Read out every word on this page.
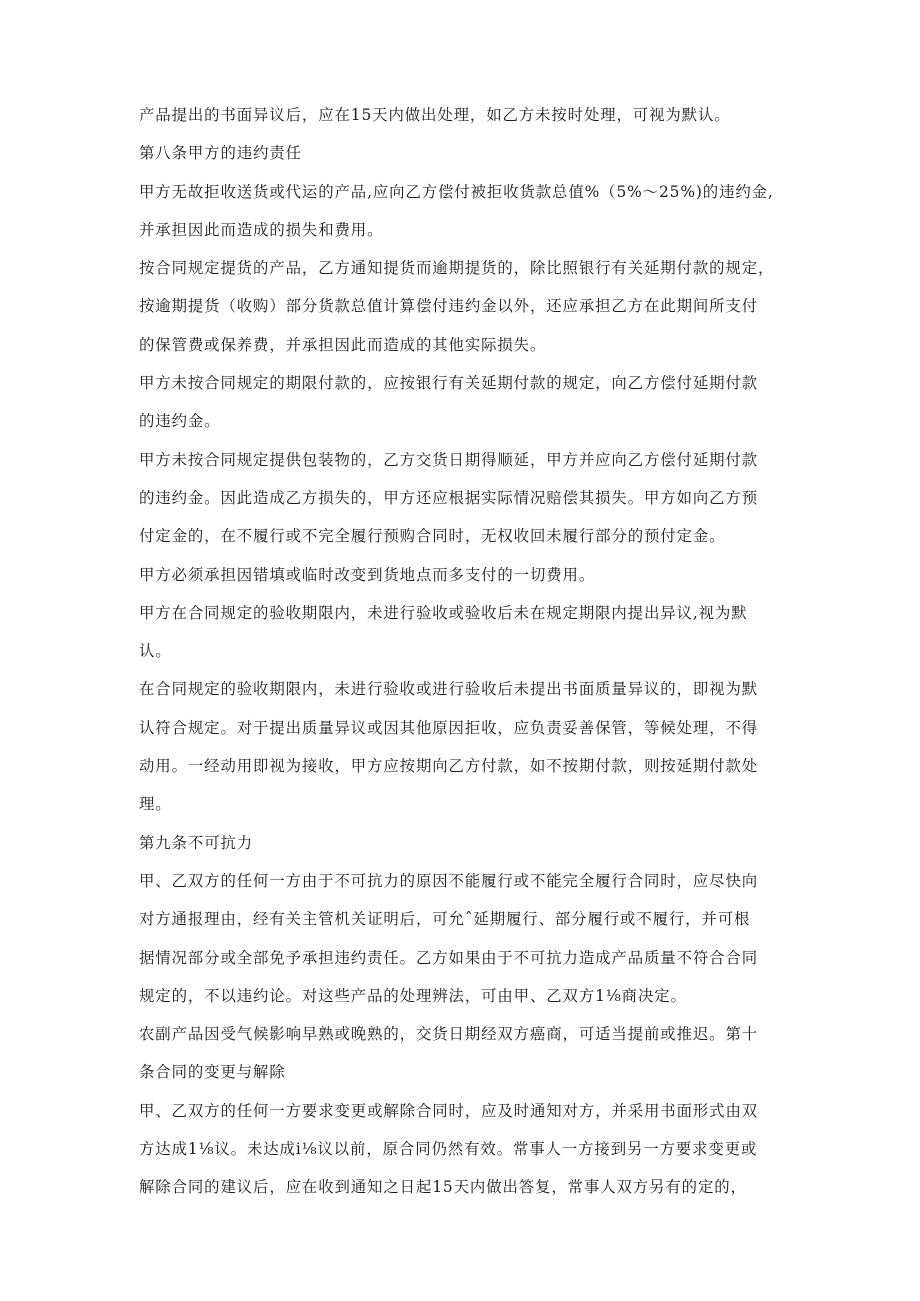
产品提出的书面异议后，应在15天内做出处理，如乙方未按时处理，可视为默认。
第八条甲方的违约责任
甲方无故拒收送货或代运的产品,应向乙方偿付被拒收货款总值%（5%～25%)的违约金,
并承担因此而造成的损失和费用。
按合同规定提货的产品，乙方通知提货而逾期提货的，除比照银行有关延期付款的规定，
按逾期提货（收购）部分货款总值计算偿付违约金以外，还应承担乙方在此期间所支付
的保管费或保养费，并承担因此而造成的其他实际损失。
甲方未按合同规定的期限付款的，应按银行有关延期付款的规定，向乙方偿付延期付款
的违约金。
甲方未按合同规定提供包装物的，乙方交货日期得顺延，甲方并应向乙方偿付延期付款
的违约金。因此造成乙方损失的，甲方还应根据实际情况赔偿其损失。甲方如向乙方预
付定金的，在不履行或不完全履行预购合同时，无权收回未履行部分的预付定金。
甲方必须承担因错填或临时改变到货地点而多支付的一切费用。
甲方在合同规定的验收期限内，未进行验收或验收后未在规定期限内提出异议,视为默
认。
在合同规定的验收期限内，未进行验收或进行验收后未提出书面质量异议的，即视为默
认符合规定。对于提出质量异议或因其他原因拒收，应负责妥善保管，等候处理，不得
动用。一经动用即视为接收，甲方应按期向乙方付款，如不按期付款，则按延期付款处
理。
第九条不可抗力
甲、乙双方的任何一方由于不可抗力的原因不能履行或不能完全履行合同时，应尽快向
对方通报理由，经有关主管机关证明后，可允ˆ延期履行、部分履行或不履行，并可根
据情况部分或全部免予承担违约责任。乙方如果由于不可抗力造成产品质量不符合合同
规定的，不以违约论。对这些产品的处理辨法，可由甲、乙双方1⅛商决定。
农副产品因受气候影响早熟或晚熟的，交货日期经双方癌商，可适当提前或推迟。第十
条合同的变更与解除
甲、乙双方的任何一方要求变更或解除合同时，应及时通知对方，并采用书面形式由双
方达成1⅛议。未达成i⅛议以前，原合同仍然有效。常事人一方接到另一方要求变更或
解除合同的建议后，应在收到通知之日起15天内做出答复，常事人双方另有的定的，
